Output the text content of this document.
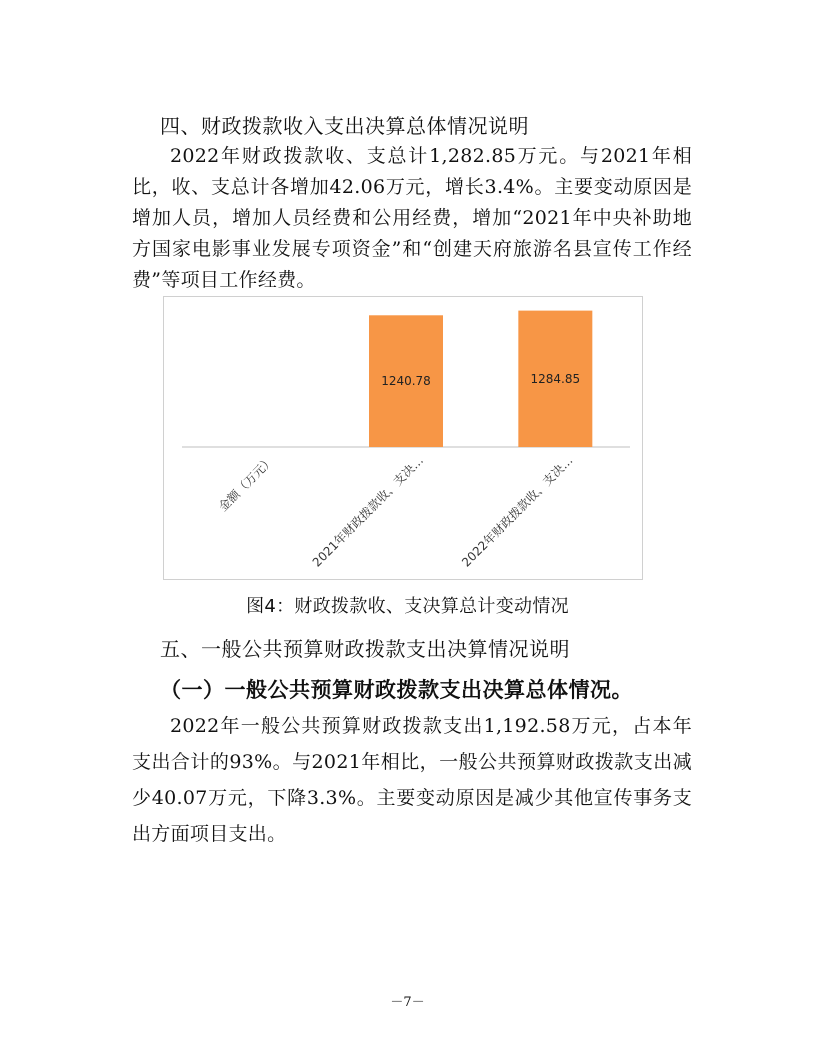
四、财政拨款收入支出决算总体情况说明
2022年财政拨款收、支总计1,282.85万元。与2021年相比，收、支总计各增加42.06万元，增长3.4%。主要变动原因是增加人员，增加人员经费和公用经费，增加“2021年中央补助地方国家电影事业发展专项资金”和“创建天府旅游名县宣传工作经费”等项目工作经费。
金额（万元）
1240.78
2021年财政拨款收、支决…
1284.85
2022年财政拨款收、支决…
图4：财政拨款收、支决算总计变动情况
五、一般公共预算财政拨款支出决算情况说明
（一）一般公共预算财政拨款支出决算总体情况。
2022年一般公共预算财政拨款支出1,192.58万元，占本年支出合计的93%。与2021年相比，一般公共预算财政拨款支出减少40.07万元，下降3.3%。主要变动原因是减少其他宣传事务支出方面项目支出。
－7－
